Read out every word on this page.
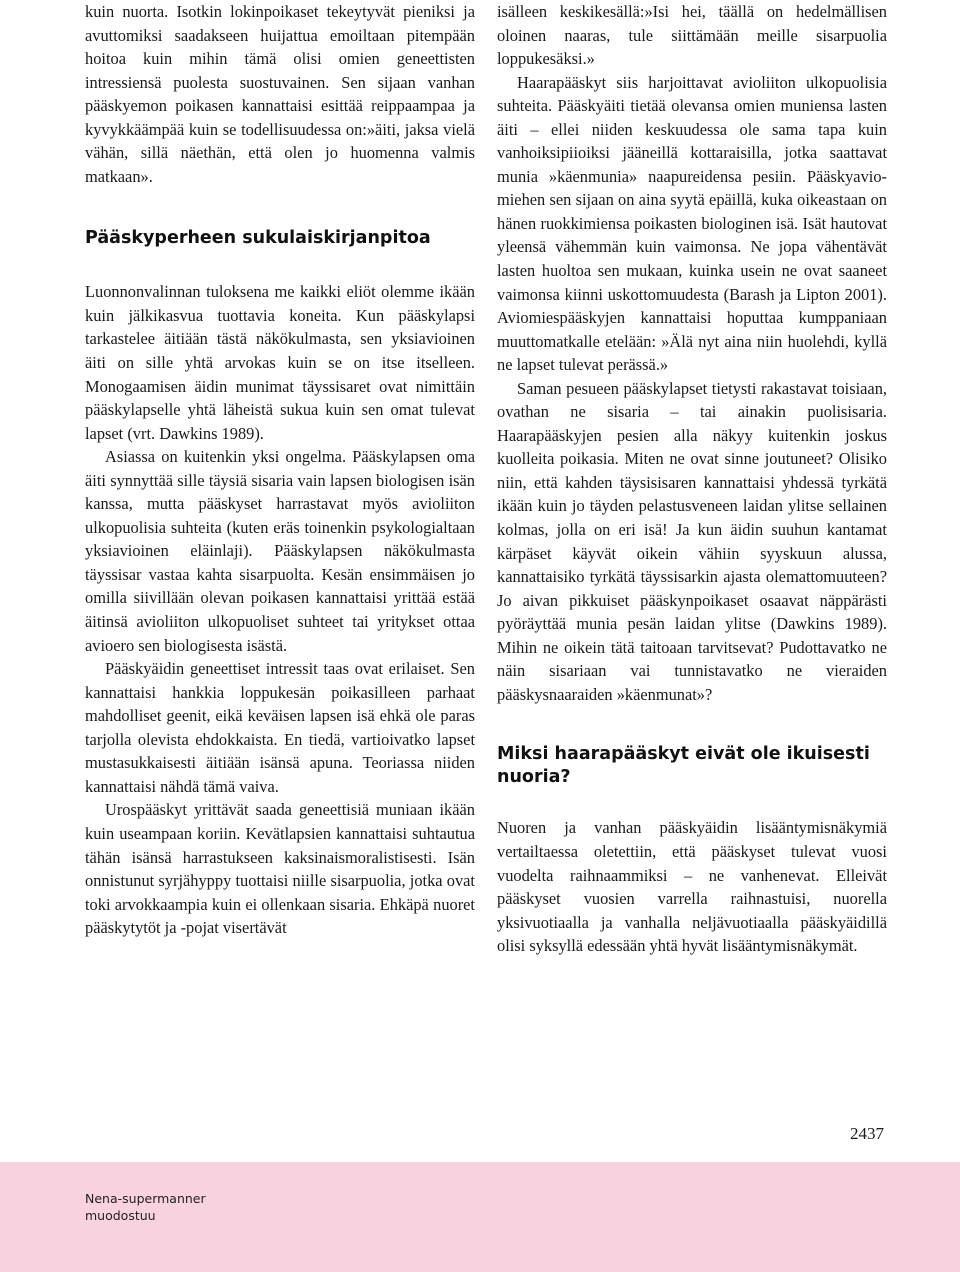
kuin nuorta. Isotkin lokinpoikaset tekeytyvät pieniksi ja avuttomiksi saadakseen huijattua emoiltaan pitempään hoitoa kuin mihin tämä olisi omien geneettisten intressiensä puolesta suostuvainen. Sen sijaan vanhan pääskyemon poikasen kannattaisi esittää reippaampaa ja kyvykkäämpää kuin se todellisuudessa on:»äiti, jaksa vielä vähän, sillä näethän, että olen jo huomenna valmis matkaan».

Pääskyperheen sukulaiskirjanpitoa

Luonnonvalinnan tuloksena me kaikki eliöt olemme ikään kuin jälkikasvua tuottavia koneita. Kun pääskylapsi tarkastelee äitiään tästä näkökulmasta, sen yksiavioinen äiti on sille yhtä arvokas kuin se on itse itselleen. Monogaamisen äidin munimat täyssisaret ovat nimittäin pääskylapselle yhtä läheistä sukua kuin sen omat tulevat lapset (vrt. Dawkins 1989).

Asiassa on kuitenkin yksi ongelma. Pääskylapsen oma äiti synnyttää sille täysiä sisaria vain lapsen biologisen isän kanssa, mutta pääskyset harrastavat myös avioliiton ulkopuolisia suhteita (kuten eräs toinenkin psykologialtaan yksiavioinen eläinlaji). Pääskylapsen näkökulmasta täyssisar vastaa kahta sisarpuolta. Kesän ensimmäisen jo omilla siivillään olevan poikasen kannattaisi yrittää estää äitinsä avioliiton ulkopuoliset suhteet tai yritykset ottaa avioero sen biologisesta isästä.

Pääskyäidin geneettiset intressit taas ovat erilaiset. Sen kannattaisi hankkia loppukesän poikasilleen parhaat mahdolliset geenit, eikä keväisen lapsen isä ehkä ole paras tarjolla olevista ehdokkaista. En tiedä, vartioivatko lapset mustasukkaisesti äitiään isänsä apuna. Teoriassa niiden kannattaisi nähdä tämä vaiva.

Urospääskyt yrittävät saada geneettisiä muniaan ikään kuin useampaan koriin. Kevätlapsien kannattaisi suhtautua tähän isänsä harrastukseen kaksinaismoralistisesti. Isän onnistunut syrjähyppy tuottaisi niille sisarpuolia, jotka ovat toki arvokkaampia kuin ei ollenkaan sisaria. Ehkäpä nuoret pääskytytöt ja -pojat visertävät

isälleen keskikesällä:»Isi hei, täällä on hedelmällisen oloinen naaras, tule siittämään meille sisarpuolia loppukesäksi.»

Haarapääskyt siis harjoittavat avioliiton ulkopuolisia suhteita. Pääskyäiti tietää olevansa omien muniensa lasten äiti – ellei niiden keskuudessa ole sama tapa kuin vanhoiksipiioiksi jääneillä kottaraisilla, jotka saattavat munia »käenmunia» naapureidensa pesiin. Pääskyaviomiehen sen sijaan on aina syytä epäillä, kuka oikeastaan on hänen ruokkimiensa poikasten biologinen isä. Isät hautovat yleensä vähemmän kuin vaimonsa. Ne jopa vähentävät lasten huoltoa sen mukaan, kuinka usein ne ovat saaneet vaimonsa kiinni uskottomuudesta (Barash ja Lipton 2001). Aviomiespääskyjen kannattaisi hoputtaa kumppaniaan muuttomatkalle etelään: »Älä nyt aina niin huolehdi, kyllä ne lapset tulevat perässä.»

Saman pesueen pääskylapset tietysti rakastavat toisiaan, ovathan ne sisaria – tai ainakin puolisisaria. Haarapääskyjen pesien alla näkyy kuitenkin joskus kuolleita poikasia. Miten ne ovat sinne joutuneet? Olisiko niin, että kahden täysisisaren kannattaisi yhdessä tyrkätä ikään kuin jo täyden pelastusveneen laidan ylitse sellainen kolmas, jolla on eri isä! Ja kun äidin suuhun kantamat kärpäset käyvät oikein vähiin syyskuun alussa, kannattaisiko tyrkätä täyssisarkin ajasta olemattomuuteen? Jo aivan pikkuiset pääskynpoikaset osaavat näppärästi pyöräyttää munia pesän laidan ylitse (Dawkins 1989). Mihin ne oikein tätä taitoaan tarvitsevat? Pudottavatko ne näin sisariaan vai tunnistavatko ne vieraiden pääskysnaaraiden »käenmunat»?

Miksi haarapääskyt eivät ole ikuisesti nuoria?

Nuoren ja vanhan pääskyäidin lisääntymisnäkymiä vertailtaessa oletettiin, että pääskyset tulevat vuosi vuodelta raihnaammiksi – ne vanhenevat. Elleivät pääskyset vuosien varrella raihnastuisi, nuorella yksivuotiaalla ja vanhalla neljävuotiaalla pääskyäidillä olisi syksyllä edessään yhtä hyvät lisääntymisnäkymät.

2437
Nena-supermanner
muodostuu
